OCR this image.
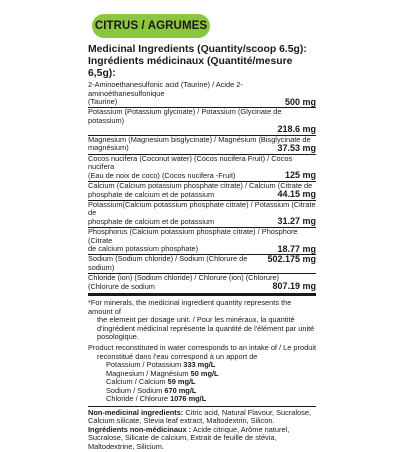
CITRUS / AGRUMES
Medicinal Ingredients (Quantity/scoop 6.5g):
Ingrédients médicinaux (Quantité/mesure 6,5g):
2-Aminoethanesulfonic acid (Taurine) / Acide 2-aminoéthanesulfonique
500 mg
(Taurine)
Potassium (Potassium glycinate) / Potassium (Glycinate de potassium)
218.6 mg

Magnesium (Magnesium bisglycinate) / Magnésium (Bisglycinate de
37.53 mg
magnésium)
Cocos nucifera (Coconut water) (Cocos nucifera Fruit) / Cocos nucifera
125 mg
(Eau de noix de coco) (Cocos nucifera -Fruit)
Calcium (Calcium potassium phosphate citrate) / Calcium (Citrate de
44.15 mg
phosphate de calcium et de potassium
Potassium(Calcium potassium phosphate citrate) / Potassium (Citrate de
31.27 mg
phosphate de calcium et de potassium
Phosphorus (Calcium potassium phosphate citrate) / Phosphore (Citrate
18.77 mg
de calcium potassium phosphate)
502.175 mg
Sodium (Sodium chloride) / Sodium (Chlorure de sodium)
Chloride (ion) (Sodium chloride) / Chlorure (ion) (Chlorure)
807.19 mg
(Chlorure de sodium

*For minerals, the medicinal ingredient quantity represents the amount of
the element per dosage unit. / Pour les minéraux, la quantité
d'ingrédient médicinal représente la quantité de l'élément par unité
posologique.

Product reconstituted in water corresponds to an intake of / Le produit
reconstitué dans l'eau correspond à un apport de

Potassium / Potassium 333 mg/L
Magnesium / Magnésium 50 mg/L
Calcium / Calcium 59 mg/L
Sodium / Sodium 670 mg/L
Chloride / Chlorure 1076 mg/L
Non-medicinal ingredients: Citric acid, Natural Flavour, Sucralose, Calcium silicate, Stevia leaf extract, Maltodextrin, Silicon.
Ingrédients non-médicinaux : Acide citrique, Arôme naturel, Sucralose, Silicate de calcium, Extrait de feuille de stévia, Maltodextrine, Silicium.
